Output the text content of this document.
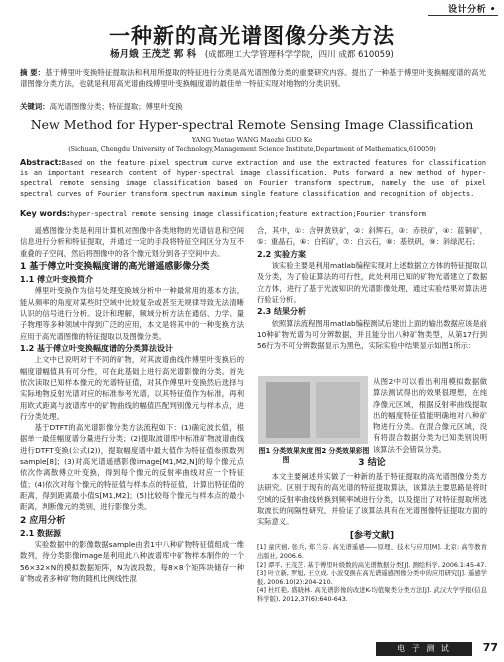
设计分析 •
一种新的高光谱图像分类方法
杨月娥 王茂芝 郭 科 (成都理工大学管理科学学院，四川 成都 610059)
摘 要：基于傅里叶变换特征提取法和利用所提取的特征进行分类是高光谱图像分类的重要研究内容。提出了一种基于傅里叶变换幅度谱的高光谱图像分类方法，也就是利用高光谱曲线傅里叶变换幅度谱的最佳单一特征实现对地物的分类识别。
关键词：高光谱图像分类；特征提取；傅里叶变换
New Method for Hyper-spectral Remote Sensing Image Classification
YANG Yuetao WANG Maozhi GUO Ke
(Sichuan, Chengdu University of Technology,Management Science Institute,Department of Mathematics,610059)
Abstract:Based on the feature pixel spectrum curve extraction and use the extracted features for classification is an important research content of hyper-spectral image classification. Puts forward a new method of hyper-spectral remote sensing image classification based on Fourier transform spectrum, namely the use of pixel spectral curves of Fourier transform spectrum maximum single feature classification and recognition of objects.
Key words:hyper-spectral remote sensing image classification;feature extraction;Fourier transform

遥感图像分类是利用计算机对图像中各类地物的光谱信息和空间信息进行分析和特征提取，并通过一定的手段将特征空间区分为互不重叠的子空间，然后将图像中的各个像元划分到各子空间中去。

1 基于傅立叶变换幅度谱的高光谱遥感影像分类
1.1 傅立叶变换简介

傅里叶变换作为信号处理变换域分析中一种最常用的基本方法，能从频率的角度对某些时空域中比较复杂或甚至无规律导致无法清晰认识的信号进行分析。设计和理解，频域分析方法在通信、力学、量子物理等多种领域中得到广泛的应用，本文是将其中的一种变换方法应用于高光谱图像的特征提取以及图像分类。

1.2 基于傅立叶变换幅度谱的分类算法设计

上文中已说明对于不同的矿物，对其波谱曲线作傅里叶变换后的幅度谱幅值具有可分性，可在此基础上进行高光谱影像的分类。首先依次读取已知样本像元的光谱特征值，对其作傅里叶变换然后选择与实际地物反射光谱对应的标准参考光谱，以其特征值作为标准，再利用欧式距离与波谱库中的矿物曲线的幅值匹配判别像元与样本点，进行分类处理。

基于DTFT的高光谱影像分类方法流程如下：(1)确定波长值，根据单一最佳幅度谱分量进行分类；(2)提取波谱库中标准矿物波谱曲线进行DTFT变换(公式(2))，提取幅度谱中最大值作为特征值参照数列sample[8]；(3)对高光谱遥感影像image[M1,M2,N]的每个像元点依次作离散傅立叶变换，得到每个像元的反射率曲线对应一个特征值；(4)依次对每个像元的特征值与样本点的特征值，计算出特征值的距离，得到距离最小值S[M1,M2]；(5)比较每个像元与样本点的最小距离，判断像元的类别，进行影像分类。

2 应用分析
2.1 数据源

实验数据中的影像数据sample由表1中八种矿物特征值组成一维数列，待分类影像image是利用此八种波谱库中矿物样本制作的一个56×32×N的模拟数据矩阵，N为波段数，每8×8个矩阵块储存一种矿物或者多种矿物的随机比例线性混

合，其中，①：含钾黄铁矿，②：斜辉石，③：赤铁矿，④：蓝铜矿，⑤：重晶石，⑥：白钨矿，⑦：白云石，⑧：基铁矾，⑨：斜绿泥石；

2.2 实验方案

该实验主要是利用matlab编程实现对上述数据立方体的特征提取以及分类，为了验证算法的可行性，此处利用已知的矿物光谱建立了数据立方体，进行了基于光波知识的光谱影像处理，通过实验结果对算法进行验证分析。

2.3 结果分析

依照算法流程图用matlab编程测试后建出上面的输出数据应该是前10种矿物光谱为可分辨数据，并且能分出八种矿物类型，从第17行到56行为不可分辨数据显示为黑色，实际实验中结果显示如图1所示：

图1 分类效果灰度图
图2 分类效果彩图
从图2中可以看出利用模拟数据做算法测试得出的效果很理想，在纯净像元区域，根据反射率曲线提取出的幅度特征值能明确地对八种矿物进行分类。在混合像元区域，没有将混合数据分类为已知类别说明该算法不会错误分类。
3 结论

本文主要阐述并实做了一种新的基于特征提取的高光谱图像分类方法研究。区别于现有的高光谱的特征提取算法，该算法主要思路是将时空域的反射率曲线转换到频率域进行分类，以及提出了对特征提取所选取波长的间隔性研究，并验证了该算法具有在光谱图像特征提取方面的实际意义。

[参考文献]
[1] 童庆禧, 张兵, 郑兰芬. 高光谱遥感——原理、技术与应用[M]. 北京: 高等教育出版社, 2006.6.
[2] 谭平, 王茂芝. 基于傅里叶级数的高光谱数据分类[J]. 测绘科学, 2006.1:45-47.
[3] 叶立新, 罗旭, 王立成. 小波变换在高光谱遥感图像分类中的应用研究[J]. 遥感学报, 2006.10(2):204-210.
[4] 杜红艳, 盛晓林. 高光谱影像的改进K-均值聚类分类方法[J]. 武汉大学学报(信息科学版), 2012,37(6):640-643.
电 子 测 试	77
